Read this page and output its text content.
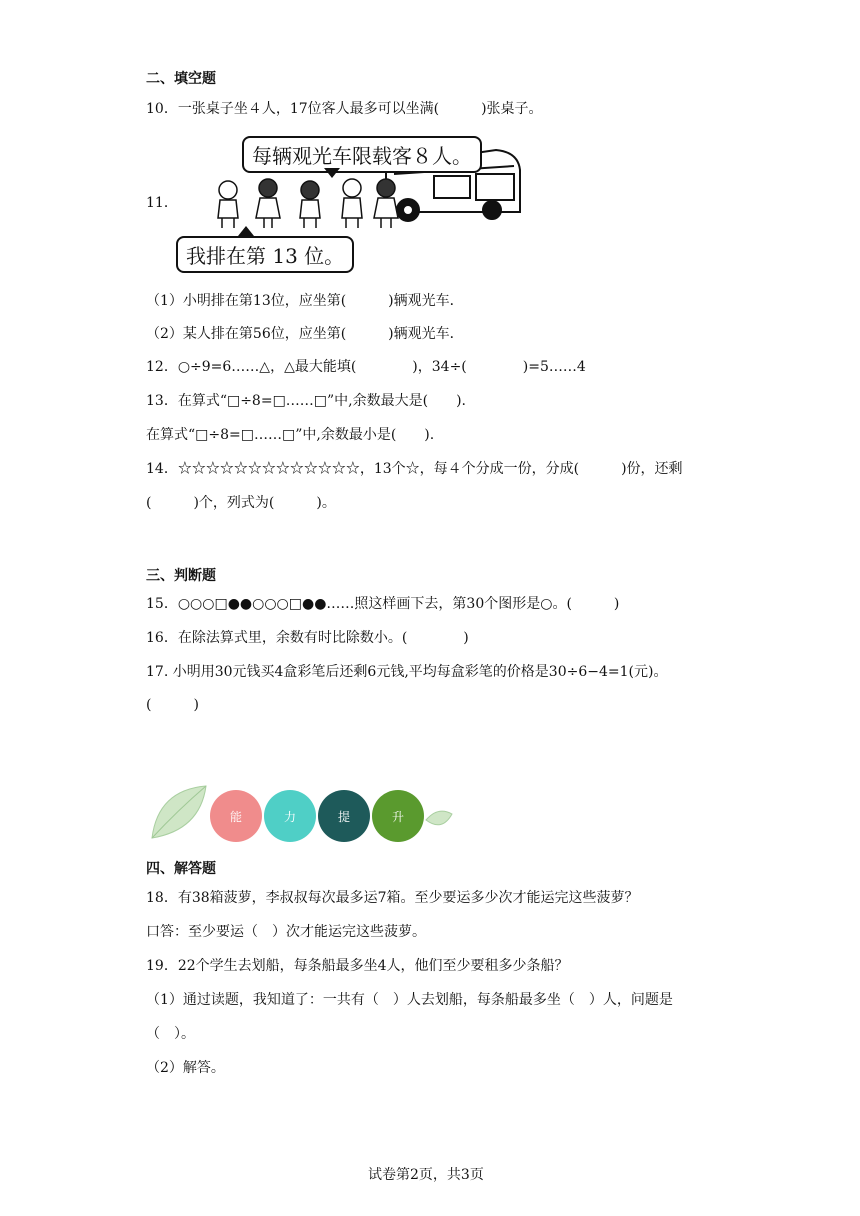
二、填空题
10．一张桌子坐４人，17位客人最多可以坐满(　　　)张桌子。
11．
每辆观光车限载客８人。
我排在第 13 位。
（1）小明排在第13位，应坐第(　　　)辆观光车．
（2）某人排在第56位，应坐第(　　　)辆观光车．
12．○÷9=6……△，△最大能填(　　　　)，34÷(　　　　)=5……4
13．在算式“□÷8=□……□”中,余数最大是(　　).
在算式“□÷8=□……□”中,余数最小是(　　).
14．☆☆☆☆☆☆☆☆☆☆☆☆☆，13个☆，每４个分成一份，分成(　　　)份，还剩
(　　　)个，列式为(　　　)。
三、判断题
15．○○○□●●○○○□●●……照这样画下去，第30个图形是○。(　　　)
16．在除法算式里，余数有时比除数小。(　　　　)
17. 小明用30元钱买4盒彩笔后还剩6元钱,平均每盒彩笔的价格是30÷6−4=1(元)。
(　　　)
能	力	提	升
四、解答题
18．有38箱菠萝，李叔叔每次最多运7箱。至少要运多少次才能运完这些菠萝？
口答：至少要运（　）次才能运完这些菠萝。
19．22个学生去划船，每条船最多坐4人，他们至少要租多少条船？
（1）通过读题，我知道了：一共有（　）人去划船，每条船最多坐（　）人，问题是
（　）。
（2）解答。
试卷第2页，共3页
